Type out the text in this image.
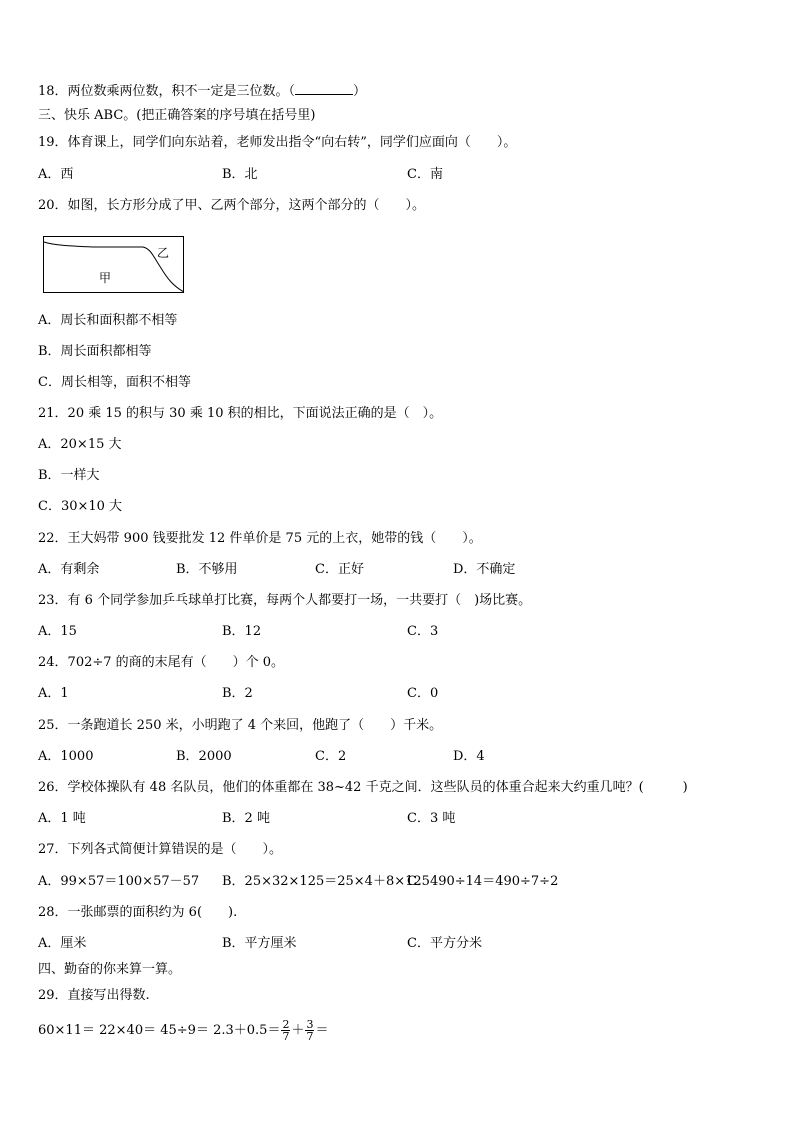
18．两位数乘两位数，积不一定是三位数。（	）
三、快乐 ABC。(把正确答案的序号填在括号里)
19．体育课上，同学们向东站着，老师发出指令“向右转”，同学们应面向（　　）。
A．西	B．北	C．南
20．如图，长方形分成了甲、乙两个部分，这两个部分的（　　）。
乙
甲
A．周长和面积都不相等
B．周长面积都相等
C．周长相等，面积不相等
21．20 乘 15 的积与 30 乘 10 积的相比，下面说法正确的是（　）。
A．20×15 大
B．一样大
C．30×10 大
22．王大妈带 900 钱要批发 12 件单价是 75 元的上衣，她带的钱（　　）。
A．有剩余	B．不够用	C．正好	D．不确定
23．有 6 个同学参加乒乓球单打比赛，每两个人都要打一场，一共要打（　)场比赛。
A．15	B．12	C．3
24．702÷7 的商的末尾有（　　）个 0。
A．1	B．2	C．0
25．一条跑道长 250 米，小明跑了 4 个来回，他跑了（　　）千米。
A．1000	B．2000	C．2	D．4
26．学校体操队有 48 名队员，他们的体重都在 38~42 千克之间．这些队员的体重合起来大约重几吨？(　　　)
A．1 吨	B．2 吨	C．3 吨
27．下列各式简便计算错误的是（　　）。
A．99×57＝100×57－57 B．25×32×125＝25×4＋8×125
C．490÷14＝490÷7÷2
28．一张邮票的面积约为 6(　　).
A．厘米	B．平方厘米	C．平方分米
四、勤奋的你来算一算。
29．直接写出得数.
$60\times 11= 22\times 40= 45\div 9= 2.3+0.5= \frac{2}{7} + \frac{3}{7}$ ＝
